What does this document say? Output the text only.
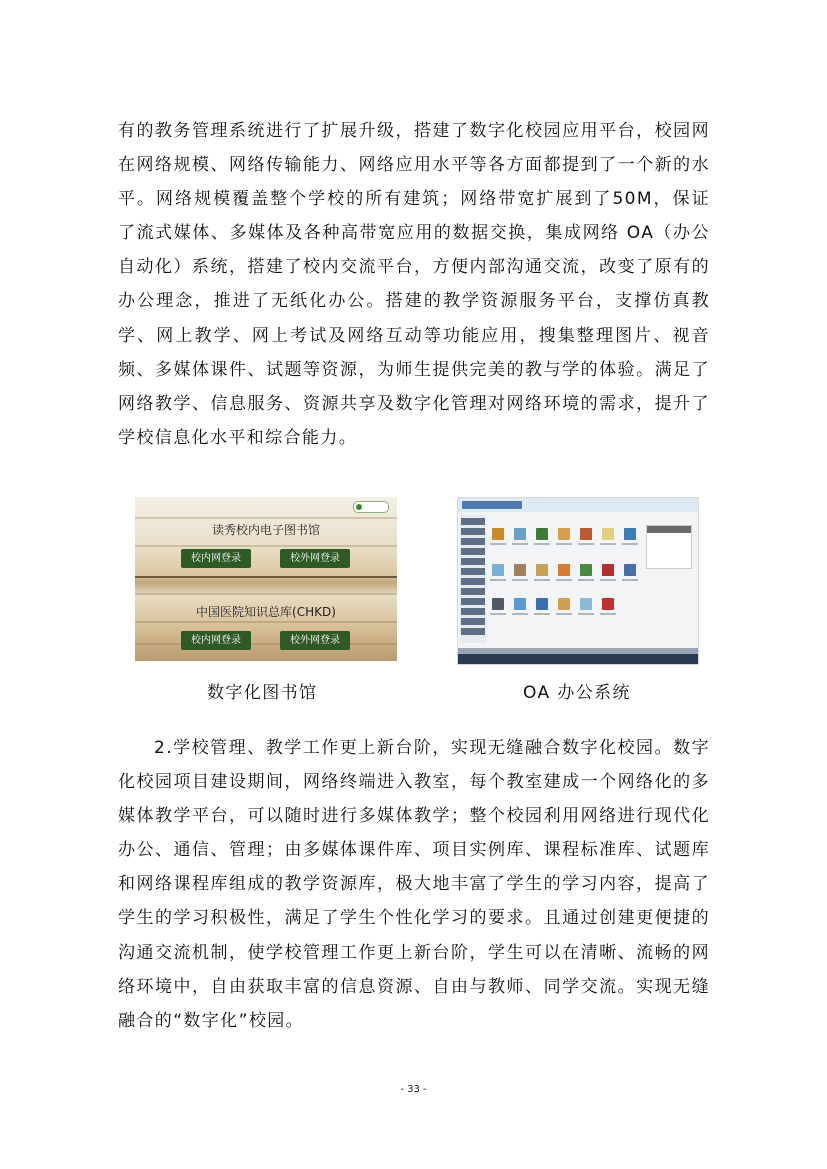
有的教务管理系统进行了扩展升级，搭建了数字化校园应用平台，校园网在网络规模、网络传输能力、网络应用水平等各方面都提到了一个新的水平。网络规模覆盖整个学校的所有建筑；网络带宽扩展到了50M，保证了流式媒体、多媒体及各种高带宽应用的数据交换，集成网络 OA（办公自动化）系统，搭建了校内交流平台，方便内部沟通交流，改变了原有的办公理念，推进了无纸化办公。搭建的教学资源服务平台，支撑仿真教学、网上教学、网上考试及网络互动等功能应用，搜集整理图片、视音频、多媒体课件、试题等资源，为师生提供完美的教与学的体验。满足了网络教学、信息服务、资源共享及数字化管理对网络环境的需求，提升了学校信息化水平和综合能力。
读秀校内电子图书馆
校内网登录	校外网登录
中国医院知识总库(CHKD)
校内网登录	校外网登录
数字化图书馆	OA 办公系统
2.学校管理、教学工作更上新台阶，实现无缝融合数字化校园。数字化校园项目建设期间，网络终端进入教室，每个教室建成一个网络化的多媒体教学平台，可以随时进行多媒体教学；整个校园利用网络进行现代化办公、通信、管理；由多媒体课件库、项目实例库、课程标准库、试题库和网络课程库组成的教学资源库，极大地丰富了学生的学习内容，提高了学生的学习积极性，满足了学生个性化学习的要求。且通过创建更便捷的沟通交流机制，使学校管理工作更上新台阶，学生可以在清晰、流畅的网络环境中，自由获取丰富的信息资源、自由与教师、同学交流。实现无缝融合的“数字化”校园。
- 33 -
